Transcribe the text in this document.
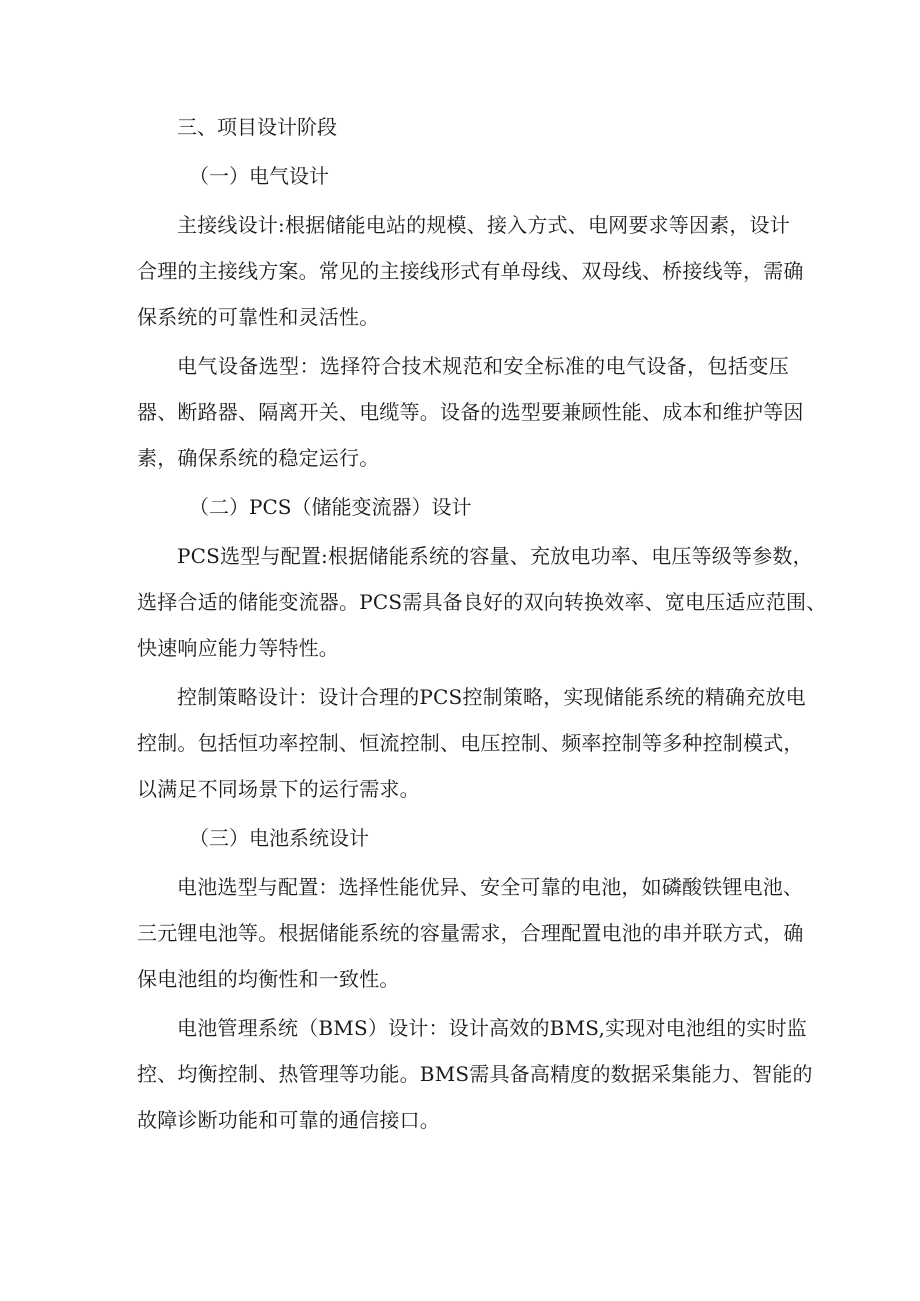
三、项目设计阶段

（一）电气设计

主接线设计:根据储能电站的规模、接入方式、电网要求等因素，设计

合理的主接线方案。常见的主接线形式有单母线、双母线、桥接线等，需确

保系统的可靠性和灵活性。

电气设备选型：选择符合技术规范和安全标准的电气设备，包括变压

器、断路器、隔离开关、电缆等。设备的选型要兼顾性能、成本和维护等因

素，确保系统的稳定运行。

（二）PCS（储能变流器）设计

PCS选型与配置:根据储能系统的容量、充放电功率、电压等级等参数，

选择合适的储能变流器。PCS需具备良好的双向转换效率、宽电压适应范围、

快速响应能力等特性。

控制策略设计：设计合理的PCS控制策略，实现储能系统的精确充放电

控制。包括恒功率控制、恒流控制、电压控制、频率控制等多种控制模式，

以满足不同场景下的运行需求。

（三）电池系统设计

电池选型与配置：选择性能优异、安全可靠的电池，如磷酸铁锂电池、

三元锂电池等。根据储能系统的容量需求，合理配置电池的串并联方式，确

保电池组的均衡性和一致性。

电池管理系统（BMS）设计：设计高效的BMS,实现对电池组的实时监

控、均衡控制、热管理等功能。BMS需具备高精度的数据采集能力、智能的

故障诊断功能和可靠的通信接口。
